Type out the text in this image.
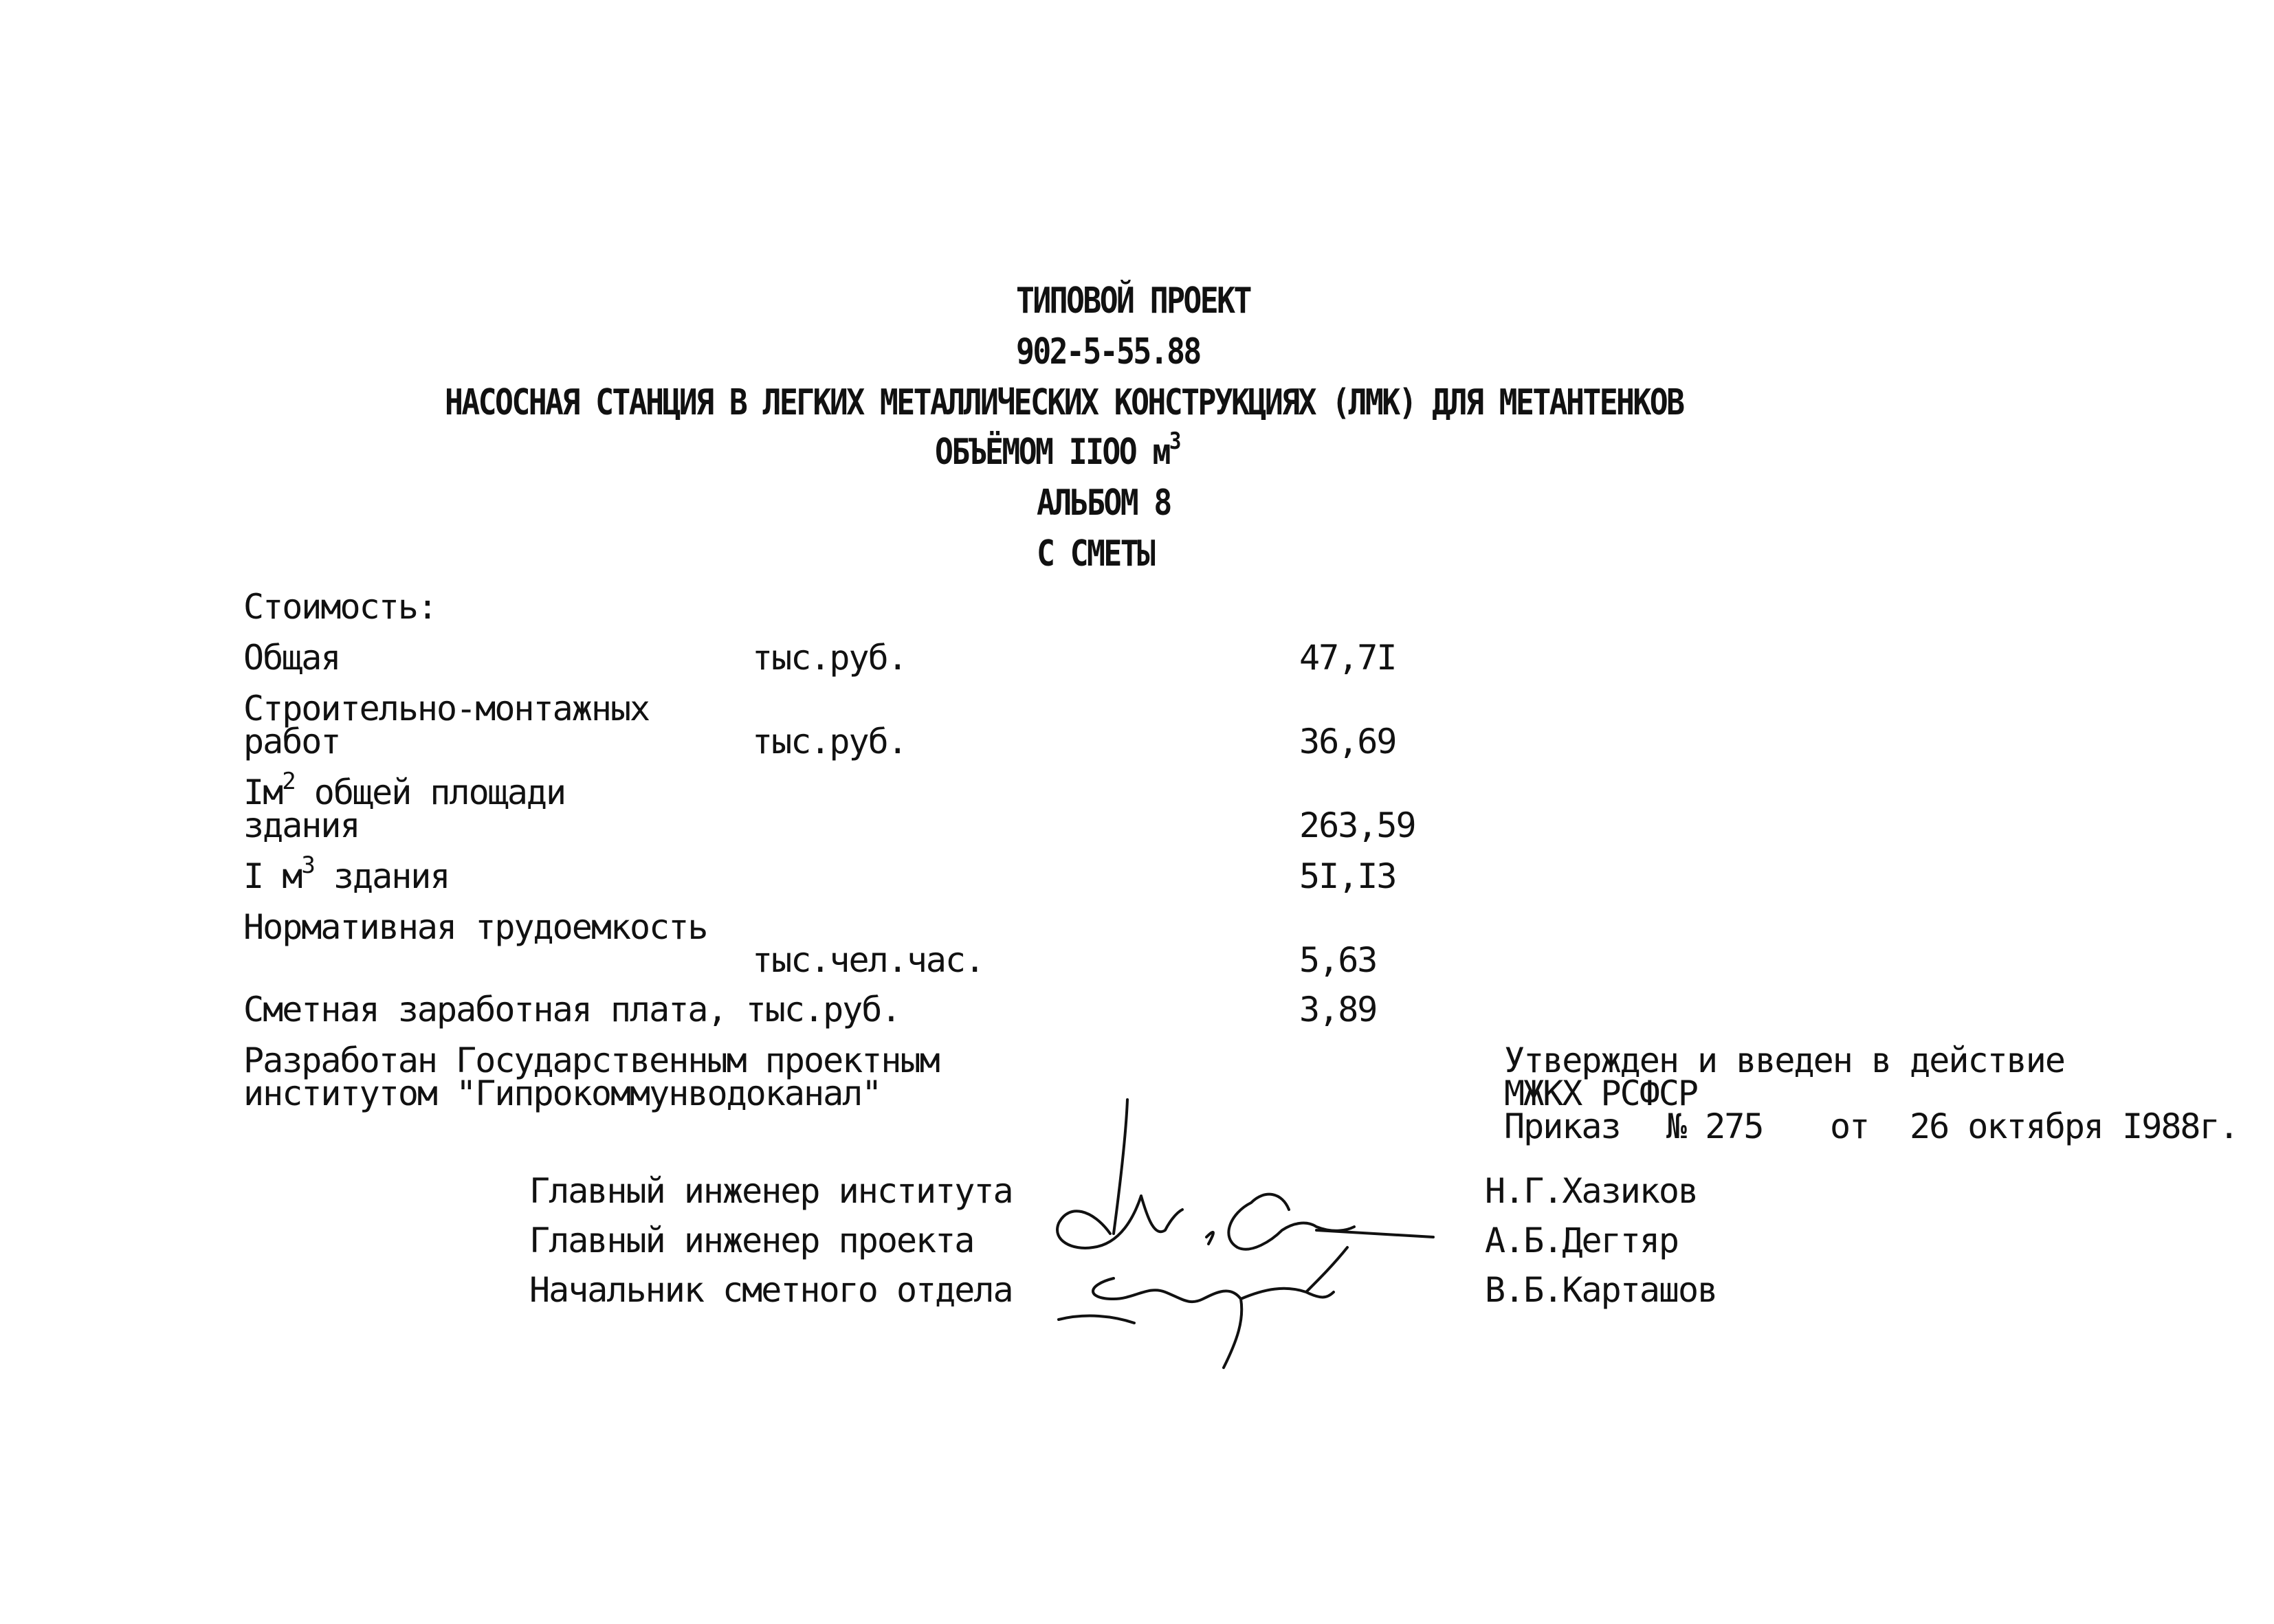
ТИПОВОЙ ПРОЕКТ
902-5-55.88
НАСОСНАЯ СТАНЦИЯ В ЛЕГКИХ МЕТАЛЛИЧЕСКИХ КОНСТРУКЦИЯХ (ЛМК) ДЛЯ МЕТАНТЕНКОВ
ОБЪЁМОМ IIOO $м^3$
АЛЬБОМ 8
С СМЕТЫ
Стоимость:
Общая	тыс.руб.	47,7I
Строительно-монтажных
работ	тыс.руб.	36,69
$Iм^2$ общей площади
здания	263,59
I $м^3$ здания	5I,I3
Нормативная трудоемкость
тыс.чел.час.	5,63
Сметная заработная плата, тыс.руб.	3,89
Разработан Государственным проектным
институтом "Гипрокоммунводоканал"
Утвержден и введен в действие
МЖКХ РСФСР
Приказ № 275 от 26 октября I988г.
Главный инженер института	Н.Г.Хазиков
Главный инженер проекта	А.Б.Дегтяр
Начальник сметного отдела	В.Б.Карташов
